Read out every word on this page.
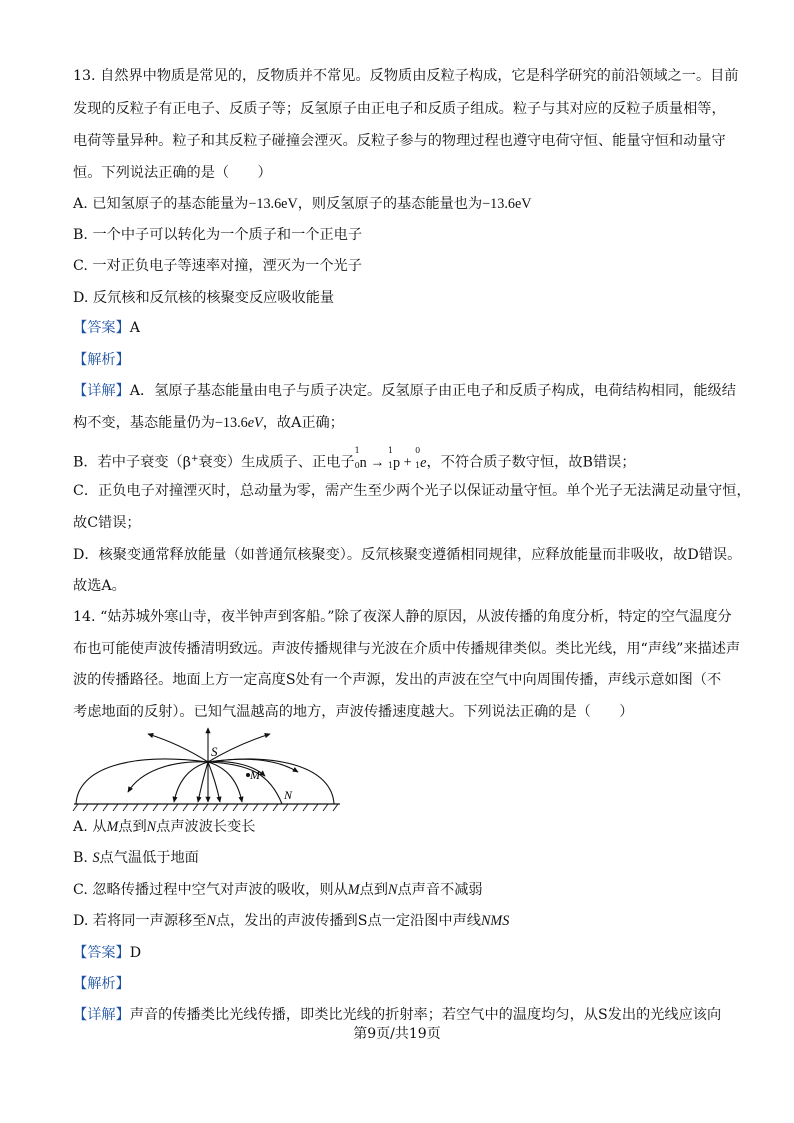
13. 自然界中物质是常见的，反物质并不常见。反物质由反粒子构成，它是科学研究的前沿领域之一。目前
发现的反粒子有正电子、反质子等；反氢原子由正电子和反质子组成。粒子与其对应的反粒子质量相等，
电荷等量异种。粒子和其反粒子碰撞会湮灭。反粒子参与的物理过程也遵守电荷守恒、能量守恒和动量守
恒。下列说法正确的是（　　）
A. 已知氢原子的基态能量为−13.6eV，则反氢原子的基态能量也为−13.6eV
B. 一个中子可以转化为一个质子和一个正电子
C. 一对正负电子等速率对撞，湮灭为一个光子
D. 反氘核和反氘核的核聚变反应吸收能量
【答案】A
【解析】
【详解】A．氢原子基态能量由电子与质子决定。反氢原子由正电子和反质子构成，电荷结构相同，能级结
构不变，基态能量仍为−13.6eV，故A正确；
B．若中子衰变（β+衰变）生成质子、正电子
1
0 n →
1
1 p +
0
1 e，不符合质子数守恒，故B错误；
C．正负电子对撞湮灭时，总动量为零，需产生至少两个光子以保证动量守恒。单个光子无法满足动量守恒，
故C错误；
D．核聚变通常释放能量（如普通氘核聚变）。反氘核聚变遵循相同规律，应释放能量而非吸收，故D错误。
故选A。
14. “姑苏城外寒山寺，夜半钟声到客船。”除了夜深人静的原因，从波传播的角度分析，特定的空气温度分
布也可能使声波传播清明致远。声波传播规律与光波在介质中传播规律类似。类比光线，用“声线”来描述声
波的传播路径。地面上方一定高度S处有一个声源，发出的声波在空气中向周围传播，声线示意如图（不
考虑地面的反射）。已知气温越高的地方，声波传播速度越大。下列说法正确的是（　　）
S
M
N
A. 从M点到N点声波波长变长
B. S点气温低于地面
C. 忽略传播过程中空气对声波的吸收，则从M点到N点声音不减弱
D. 若将同一声源移至N点，发出的声波传播到S点一定沿图中声线NMS
【答案】D
【解析】
【详解】声音的传播类比光线传播，即类比光线的折射率；若空气中的温度均匀，从S发出的光线应该向
第9页/共19页
